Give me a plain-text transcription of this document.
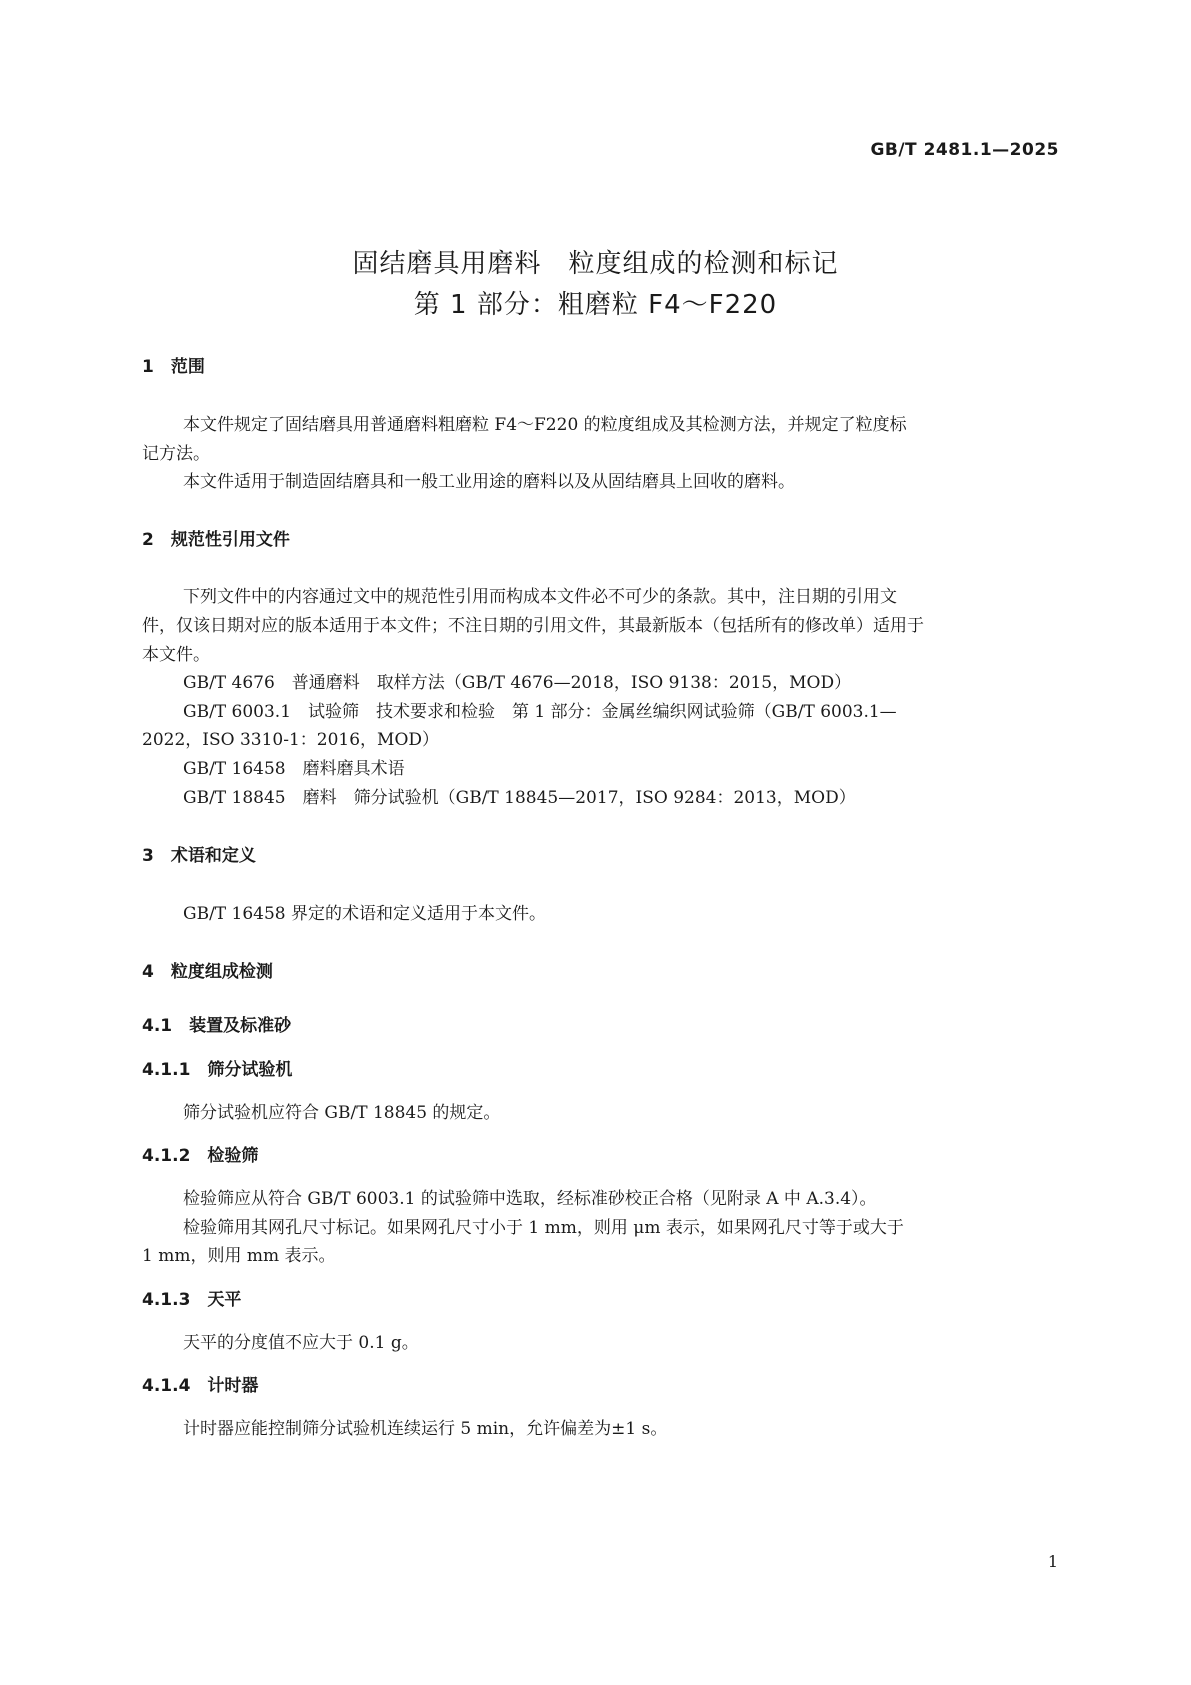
GB/T 2481.1—2025
固结磨具用磨料　粒度组成的检测和标记
第 1 部分：粗磨粒 F4～F220
1　范围
本文件规定了固结磨具用普通磨料粗磨粒 F4～F220 的粒度组成及其检测方法，并规定了粒度标
记方法。
本文件适用于制造固结磨具和一般工业用途的磨料以及从固结磨具上回收的磨料。
2　规范性引用文件
下列文件中的内容通过文中的规范性引用而构成本文件必不可少的条款。其中，注日期的引用文
件，仅该日期对应的版本适用于本文件；不注日期的引用文件，其最新版本（包括所有的修改单）适用于
本文件。
GB/T 4676　普通磨料　取样方法（GB/T 4676—2018，ISO 9138：2015，MOD）
GB/T 6003.1　试验筛　技术要求和检验　第 1 部分：金属丝编织网试验筛（GB/T 6003.1—
2022，ISO 3310-1：2016，MOD）
GB/T 16458　磨料磨具术语
GB/T 18845　磨料　筛分试验机（GB/T 18845—2017，ISO 9284：2013，MOD）
3　术语和定义
GB/T 16458 界定的术语和定义适用于本文件。
4　粒度组成检测
4.1　装置及标准砂
4.1.1　筛分试验机
筛分试验机应符合 GB/T 18845 的规定。
4.1.2　检验筛
检验筛应从符合 GB/T 6003.1 的试验筛中选取，经标准砂校正合格（见附录 A 中 A.3.4）。
检验筛用其网孔尺寸标记。如果网孔尺寸小于 1 mm，则用 μm 表示，如果网孔尺寸等于或大于
1 mm，则用 mm 表示。
4.1.3　天平
天平的分度值不应大于 0.1 g。
4.1.4　计时器
计时器应能控制筛分试验机连续运行 5 min，允许偏差为±1 s。
1
